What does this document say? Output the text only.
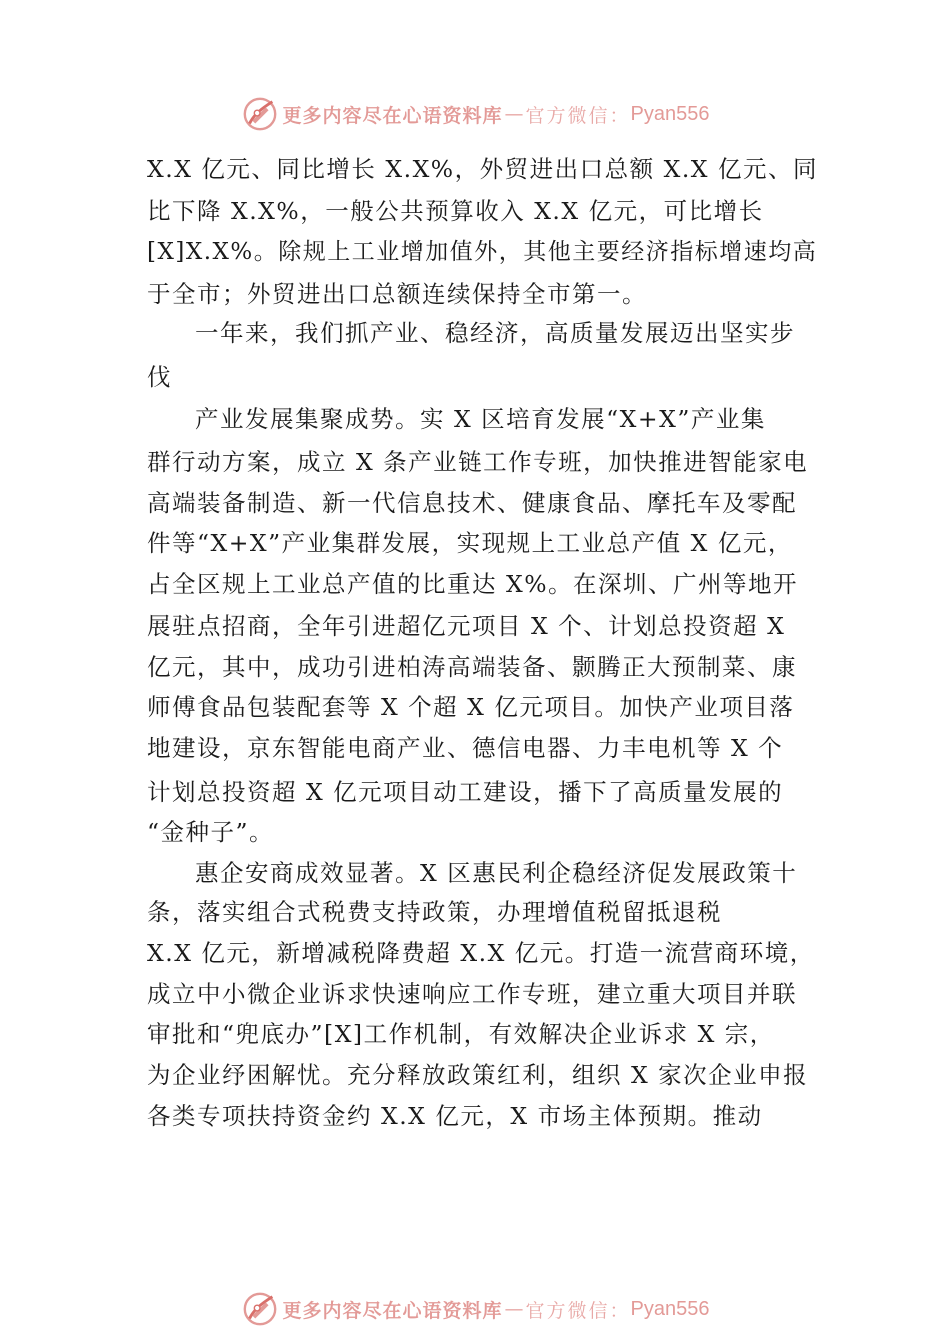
更多内容尽在心语资料库 — 官方微信： Pyan556
X.X 亿元、同比增长 X.X%，外贸进出口总额 X.X 亿元、同
比下降 X.X%，一般公共预算收入 X.X 亿元，可比增长
[X]X.X%。除规上工业增加值外，其他主要经济指标增速均高
于全市；外贸进出口总额连续保持全市第一。
一年来，我们抓产业、稳经济，高质量发展迈出坚实步
伐
产业发展集聚成势。实 X 区培育发展“X+X”产业集
群行动方案，成立 X 条产业链工作专班，加快推进智能家电
高端装备制造、新一代信息技术、健康食品、摩托车及零配
件等“X+X”产业集群发展，实现规上工业总产值 X 亿元，
占全区规上工业总产值的比重达 X%。在深圳、广州等地开
展驻点招商，全年引进超亿元项目 X 个、计划总投资超 X
亿元，其中，成功引进柏涛高端装备、颢腾正大预制菜、康
师傅食品包装配套等 X 个超 X 亿元项目。加快产业项目落
地建设，京东智能电商产业⁢、德信电器、力丰电机等 X 个
计划总投资超 X 亿元项目动工建设，播下了高质量发展的
“金种子”。
惠企安商成效显著。X 区惠民利企稳经济促发展政策十
条，落实组合式税费支持政策，办理增值税留抵退税
X.X 亿元，新增减税降费超 X.X 亿元。打造一流营商环境，
成立中小微企业诉求快速响应工作专班，建立重大项目并联
审批和“兜底办”[X]工作机制，有效解决企业诉求 X 宗，
为企业纾困解忧。充分释放政策红利，组织 X 家次企业申报
各类专项扶持资金约 X.X 亿元，X 市场主体预期。推动
更多内容尽在心语资料库 — 官方微信： Pyan556
